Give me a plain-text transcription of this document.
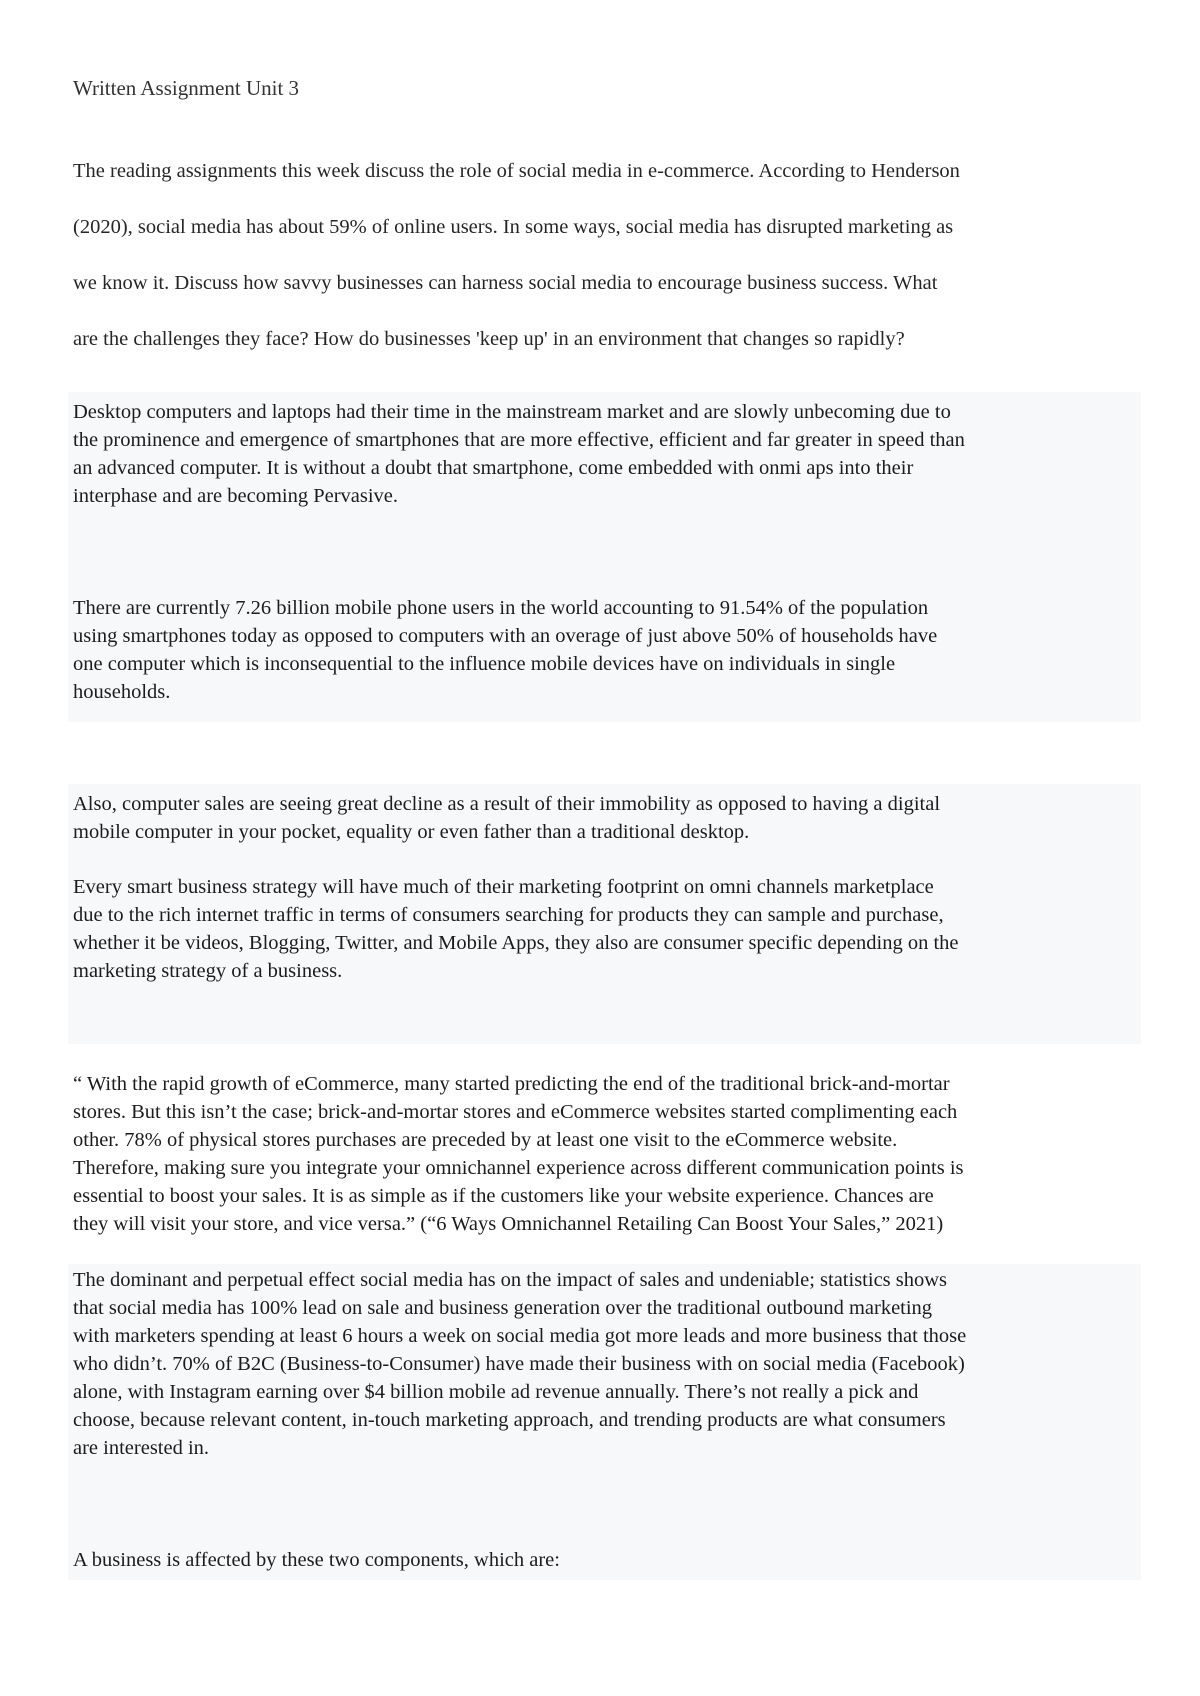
Written Assignment Unit 3
The reading assignments this week discuss the role of social media in e-commerce. According to Henderson
(2020), social media has about 59% of online users. In some ways, social media has disrupted marketing as
we know it. Discuss how savvy businesses can harness social media to encourage business success. What
are the challenges they face? How do businesses 'keep up' in an environment that changes so rapidly?
Desktop computers and laptops had their time in the mainstream market and are slowly unbecoming due to
the prominence and emergence of smartphones that are more effective, efficient and far greater in speed than
an advanced computer. It is without a doubt that smartphone, come embedded with onmi aps into their
interphase and are becoming Pervasive.
There are currently 7.26 billion mobile phone users in the world accounting to 91.54% of the population
using smartphones today as opposed to computers with an overage of just above 50% of households have
one computer which is inconsequential to the influence mobile devices have on individuals in single
households.
Also, computer sales are seeing great decline as a result of their immobility as opposed to having a digital
mobile computer in your pocket, equality or even father than a traditional desktop.
Every smart business strategy will have much of their marketing footprint on omni channels marketplace
due to the rich internet traffic in terms of consumers searching for products they can sample and purchase,
whether it be videos, Blogging, Twitter, and Mobile Apps, they also are consumer specific depending on the
marketing strategy of a business.
“ With the rapid growth of eCommerce, many started predicting the end of the traditional brick-and-mortar
stores. But this isn’t the case; brick-and-mortar stores and eCommerce websites started complimenting each
other. 78% of physical stores purchases are preceded by at least one visit to the eCommerce website.
Therefore, making sure you integrate your omnichannel experience across different communication points is
essential to boost your sales. It is as simple as if the customers like your website experience. Chances are
they will visit your store, and vice versa.” (“6 Ways Omnichannel Retailing Can Boost Your Sales,” 2021)
The dominant and perpetual effect social media has on the impact of sales and undeniable; statistics shows
that social media has 100% lead on sale and business generation over the traditional outbound marketing
with marketers spending at least 6 hours a week on social media got more leads and more business that those
who didn’t. 70% of B2C (Business-to-Consumer) have made their business with on social media (Facebook)
alone, with Instagram earning over $4 billion mobile ad revenue annually. There’s not really a pick and
choose, because relevant content, in-touch marketing approach, and trending products are what consumers
are interested in.
A business is affected by these two components, which are:
